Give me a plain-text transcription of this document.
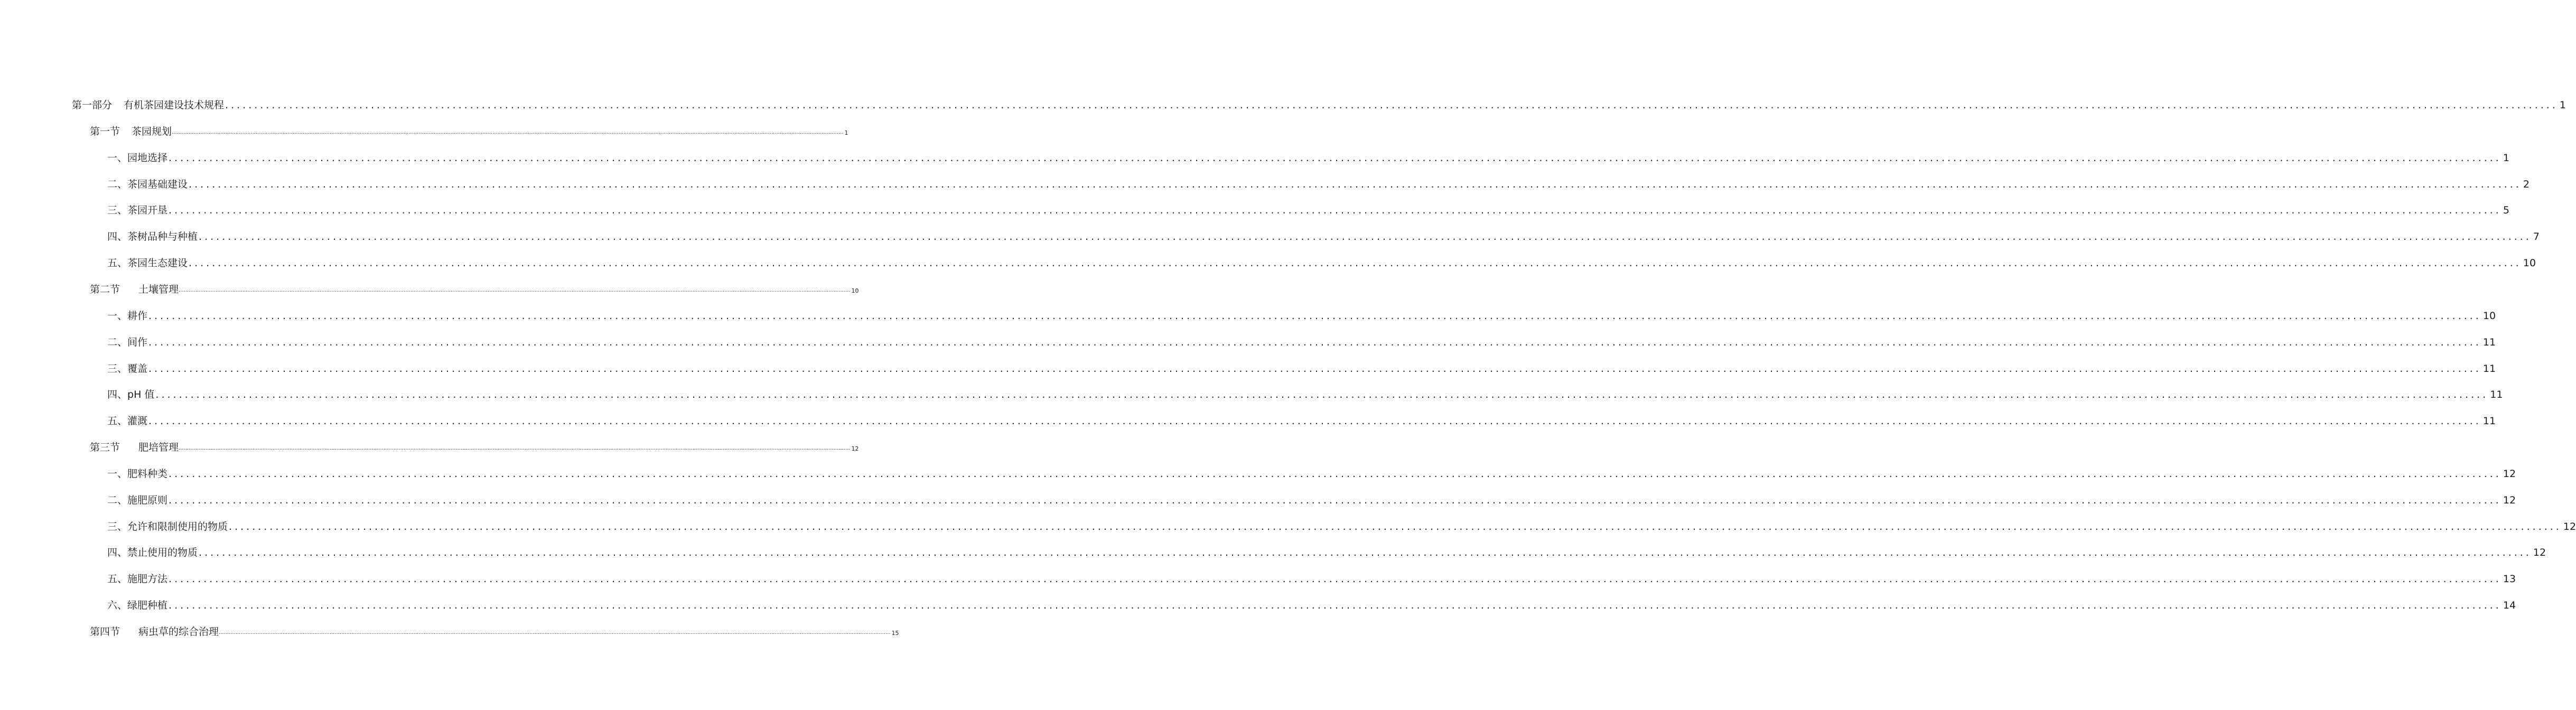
第一部分 有机茶园建设技术规程 ................................................................................................................................................................................................................................................................................................................................................................................................................ 1
第一节 茶园规划 ................................................................................................................................................................................................................................................................................................................................................................................................................ 1
一、园地选择 ................................................................................................................................................................................................................................................................................................................................................................................................................ 1
二、茶园基础建设 ................................................................................................................................................................................................................................................................................................................................................................................................................ 2
三、茶园开垦 ................................................................................................................................................................................................................................................................................................................................................................................................................ 5
四、茶树品种与种植 ................................................................................................................................................................................................................................................................................................................................................................................................................ 7
五、茶园生态建设 ................................................................................................................................................................................................................................................................................................................................................................................................................ 10
第二节 土壤管理 ................................................................................................................................................................................................................................................................................................................................................................................................................ 10
一、耕作 ................................................................................................................................................................................................................................................................................................................................................................................................................ 10
二、间作 ................................................................................................................................................................................................................................................................................................................................................................................................................ 11
三、覆盖 ................................................................................................................................................................................................................................................................................................................................................................................................................ 11
四、pH 值 ................................................................................................................................................................................................................................................................................................................................................................................................................ 11
五、灌溉 ................................................................................................................................................................................................................................................................................................................................................................................................................ 11
第三节 肥培管理 ................................................................................................................................................................................................................................................................................................................................................................................................................ 12
一、肥料种类 ................................................................................................................................................................................................................................................................................................................................................................................................................ 12
二、施肥原则 ................................................................................................................................................................................................................................................................................................................................................................................................................ 12
三、允许和限制使用的物质 ................................................................................................................................................................................................................................................................................................................................................................................................................ 12
四、禁止使用的物质 ................................................................................................................................................................................................................................................................................................................................................................................................................ 12
五、施肥方法 ................................................................................................................................................................................................................................................................................................................................................................................................................ 13
六、绿肥种植 ................................................................................................................................................................................................................................................................................................................................................................................................................ 14
第四节 病虫草的综合治理 ................................................................................................................................................................................................................................................................................................................................................................................................................ 15
